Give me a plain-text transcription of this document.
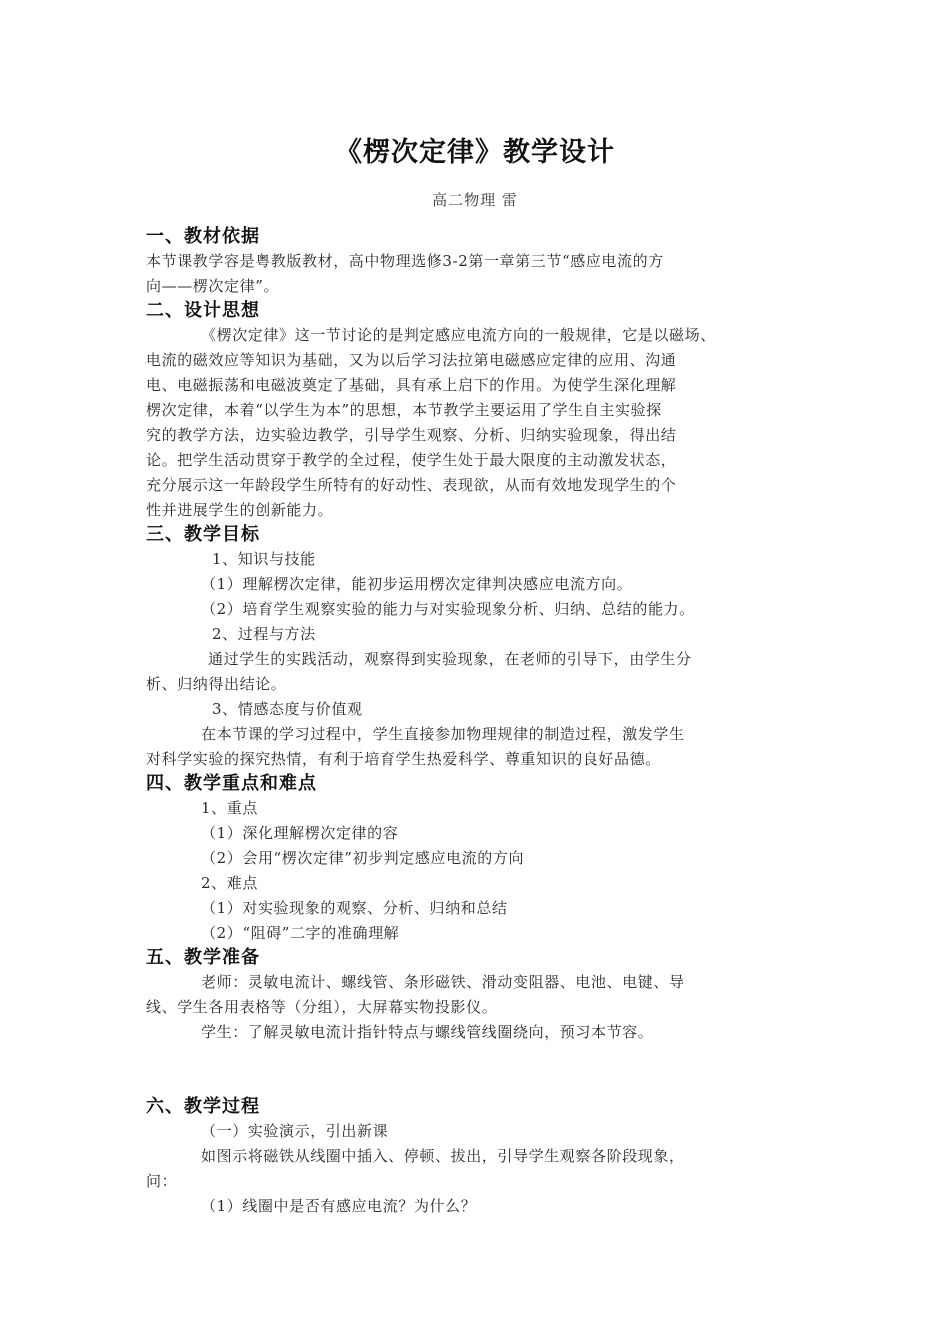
《楞次定律》教学设计
高二物理 雷
一、教材依据
本节课教学容是粤教版教材，高中物理选修3-2第一章第三节“感应电流的方
向——楞次定律”。
二、设计思想
《楞次定律》这一节讨论的是判定感应电流方向的一般规律，它是以磁场、
电流的磁效应等知识为基础，又为以后学习法拉第电磁感应定律的应用、沟通
电、电磁振荡和电磁波奠定了基础，具有承上启下的作用。为使学生深化理解
楞次定律，本着“以学生为本”的思想，本节教学主要运用了学生自主实验探
究的教学方法，边实验边教学，引导学生观察、分析、归纳实验现象，得出结
论。把学生活动贯穿于教学的全过程，使学生处于最大限度的主动激发状态，
充分展示这一年龄段学生所特有的好动性、表现欲，从而有效地发现学生的个
性并进展学生的创新能力。
三、教学目标
1、知识与技能
（1）理解楞次定律，能初步运用楞次定律判决感应电流方向。
（2）培育学生观察实验的能力与对实验现象分析、归纳、总结的能力。
2、过程与方法
通过学生的实践活动，观察得到实验现象，在老师的引导下，由学生分
析、归纳得出结论。
3、情感态度与价值观
在本节课的学习过程中，学生直接参加物理规律的制造过程，激发学生
对科学实验的探究热情，有利于培育学生热爱科学、尊重知识的良好品德。
四、教学重点和难点
1、重点
（1）深化理解楞次定律的容
（2）会用“楞次定律”初步判定感应电流的方向
2、难点
（1）对实验现象的观察、分析、归纳和总结
（2）“阻碍”二字的准确理解
五、教学准备
老师：灵敏电流计、螺线管、条形磁铁、滑动变阻器、电池、电键、导
线、学生各用表格等（分组），大屏幕实物投影仪。
学生：了解灵敏电流计指针特点与螺线管线圈绕向，预习本节容。
六、教学过程
（一）实验演示，引出新课
如图示将磁铁从线圈中插入、停顿、拔出，引导学生观察各阶段现象，
问：
（1）线圈中是否有感应电流？为什么？
